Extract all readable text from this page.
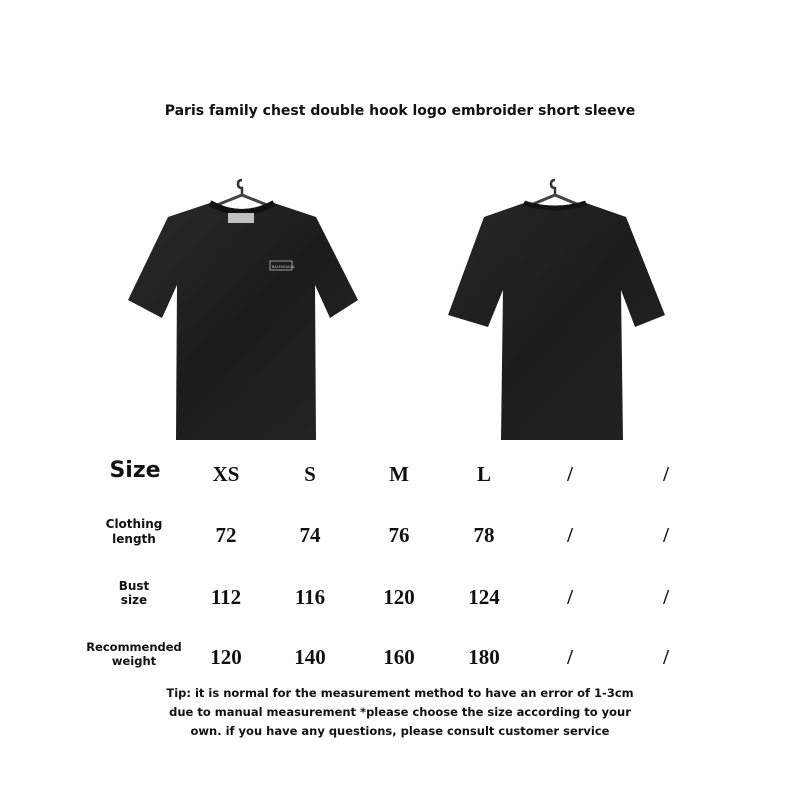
Paris family chest double hook logo embroider short sleeve
BALENCIAGA
Size	XS	S	M	L	/	/
Clothing
length	72	74	76	78	/	/
Bust
size	112	116	120	124	/	/
Recommended
weight	120	140	160	180	/	/
Tip: it is normal for the measurement method to have an error of 1-3cm
due to manual measurement *please choose the size according to your
own. if you have any questions, please consult customer service
